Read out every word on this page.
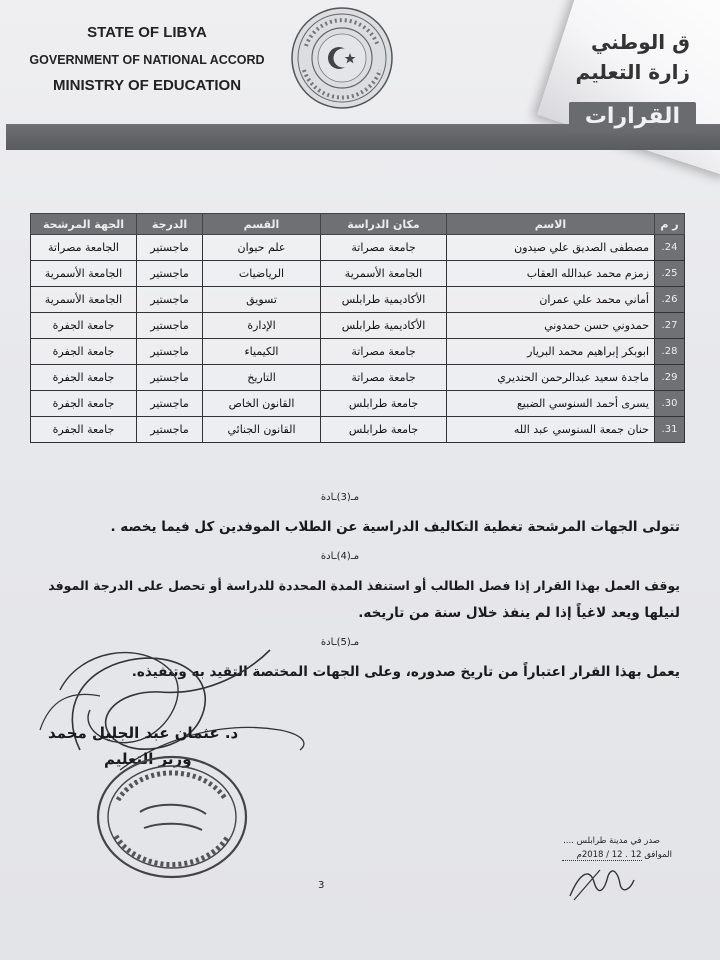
STATE OF LIBYA
GOVERNMENT OF NATIONAL ACCORD
MINISTRY OF EDUCATION
ق الوطني
زارة التعليم
القرارات
ر م	الاسم	مكان الدراسة	القسم	الدرجة	الجهة المرشحة
24.	مصطفى الصديق علي صيدون	جامعة مصراتة	علم حيوان	ماجستير	الجامعة مصراتة
25.	زمزم محمد عبدالله العقاب	الجامعة الأسمرية	الرياضيات	ماجستير	الجامعة الأسمرية
26.	أماني محمد علي عمران	الأكاديمية طرابلس	تسويق	ماجستير	الجامعة الأسمرية
27.	حمدوني حسن حمدوني	الأكاديمية طرابلس	الإدارة	ماجستير	جامعة الجفرة
28.	ابوبكر إبراهيم محمد البريار	جامعة مصراتة	الكيمياء	ماجستير	جامعة الجفرة
29.	ماجدة سعيد عبدالرحمن الحنديري	جامعة مصراتة	التاريخ	ماجستير	جامعة الجفرة
30.	يسرى أحمد السنوسي الضبيع	جامعة طرابلس	القانون الخاص	ماجستير	جامعة الجفرة
31.	حنان جمعة السنوسي عبد الله	جامعة طرابلس	القانون الجنائي	ماجستير	جامعة الجفرة
مـ(3)ـادة
تتولى الجهات المرشحة تغطية التكاليف الدراسية عن الطلاب الموفدين كل فيما يخصه .
مـ(4)ـادة
يوقف العمل بهذا القرار إذا فصل الطالب أو استنفذ المدة المحددة للدراسة أو تحصل على الدرجة الموفد
لنيلها ويعد لاغياً إذا لم ينفذ خلال سنة من تاريخه.
مـ(5)ـادة
يعمل بهذا القرار اعتباراً من تاريخ صدوره، وعلى الجهات المختصة التقيد به وتنفيذه.
د. عثمان عبد الجليل محمد
وزير التعليم
صدر في مدينة طرابلس ....
الموافق 12 . 12 / 2018م
3
